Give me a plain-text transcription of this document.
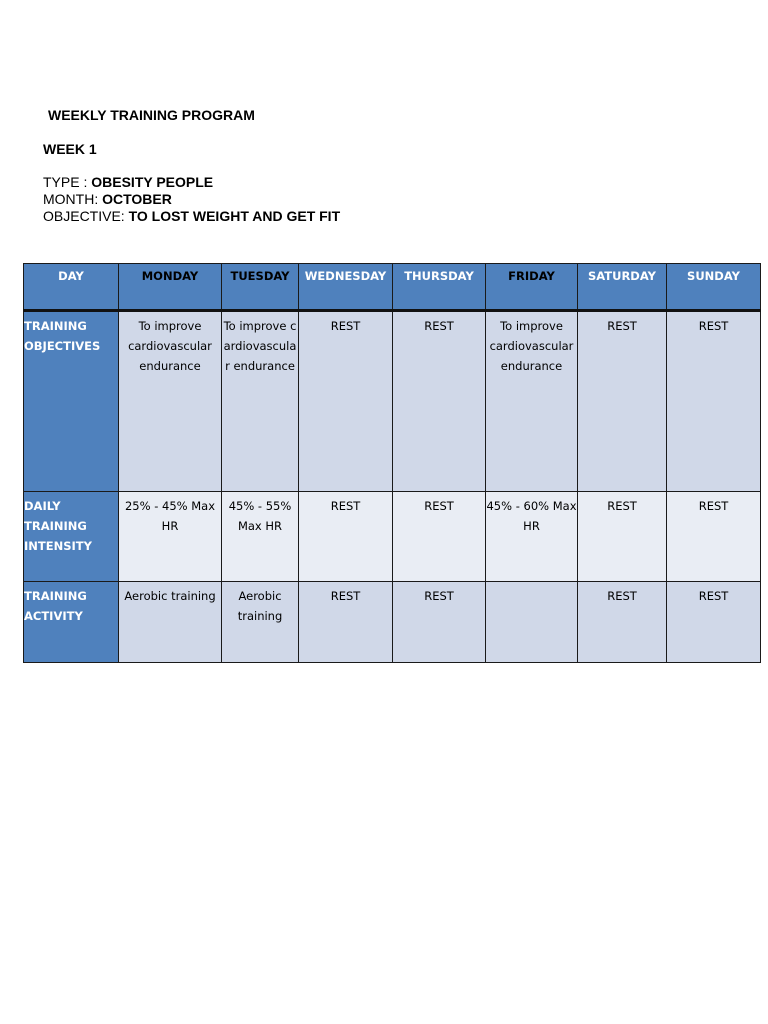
WEEKLY TRAINING PROGRAM
WEEK 1
TYPE : OBESITY PEOPLE
MONTH: OCTOBER
OBJECTIVE: TO LOST WEIGHT AND GET FIT
DAY	MONDAY	TUESDAY	WEDNESDAY	THURSDAY	FRIDAY	SATURDAY	SUNDAY
TRAINING OBJECTIVES	To improve cardiovascular endurance	To improve cardiovascular endurance	REST	REST	To improve cardiovascular endurance	REST	REST
DAILY TRAINING INTENSITY	25% - 45% Max HR	45% - 55% Max HR	REST	REST	45% - 60% Max HR	REST	REST
TRAINING ACTIVITY	Aerobic training	Aerobic training	REST	REST		REST	REST
